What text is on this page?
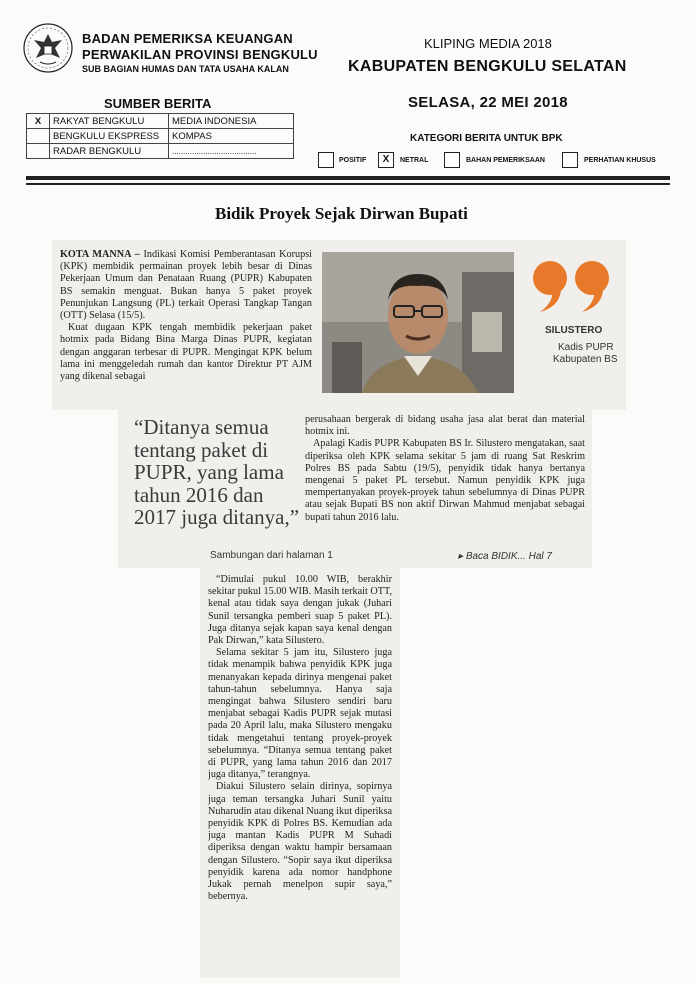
BADAN PEMERIKSA KEUANGAN
PERWAKILAN PROVINSI BENGKULU
SUB BAGIAN HUMAS DAN TATA USAHA KALAN
KLIPING MEDIA 2018
KABUPATEN BENGKULU SELATAN
SELASA, 22 MEI 2018
SUMBER BERITA
X	RAKYAT BENGKULU	MEDIA INDONESIA
	BENGKULU EKSPRESS	KOMPAS
	RADAR BENGKULU	......................................
KATEGORI BERITA UNTUK BPK
POSITIF	X	NETRAL	BAHAN PEMERIKSAAN	PERHATIAN KHUSUS
Bidik Proyek Sejak Dirwan Bupati

KOTA MANNA – Indikasi Komisi Pemberantasan Korupsi (KPK) membidik permainan proyek lebih besar di Dinas Pekerjaan Umum dan Penataan Ruang (PUPR) Kabupaten BS semakin menguat. Bukan hanya 5 paket proyek Penunjukan Langsung (PL) terkait Operasi Tangkap Tangan (OTT) Selasa (15/5).

Kuat dugaan KPK tengah membidik pekerjaan paket hotmix pada Bidang Bina Marga Dinas PUPR, kegiatan dengan anggaran terbesar di PUPR. Mengingat KPK belum lama ini menggeledah rumah dan kantor Direktur PT AJM yang dikenal sebagai

SILUSTERO
Kadis PUPR
Kabupaten BS
“Ditanya semua tentang paket di PUPR, yang lama tahun 2016 dan 2017 juga ditanya,”
Sambungan dari halaman 1

perusahaan bergerak di bidang usaha jasa alat berat dan material hotmix ini.

Apalagi Kadis PUPR Kabupaten BS Ir. Silustero mengatakan, saat diperiksa oleh KPK selama sekitar 5 jam di ruang Sat Reskrim Polres BS pada Sabtu (19/5), penyidik tidak hanya bertanya mengenai 5 paket PL tersebut. Namun penyidik KPK juga mempertanyakan proyek-proyek tahun sebelumnya di Dinas PUPR atau sejak Bupati BS non aktif Dirwan Mahmud menjabat sebagai bupati tahun 2016 lalu.

▸ Baca BIDIK... Hal 7

“Dimulai pukul 10.00 WIB, berakhir sekitar pukul 15.00 WIB. Masih terkait OTT, kenal atau tidak saya dengan jukak (Juhari Sunil tersangka pemberi suap 5 paket PL). Juga ditanya sejak kapan saya kenal dengan Pak Dirwan,” kata Silustero.

Selama sekitar 5 jam itu, Silustero juga tidak menampik bahwa penyidik KPK juga menanyakan kepada dirinya mengenai paket tahun-tahun sebelumnya. Hanya saja mengingat bahwa Silustero sendiri baru menjabat sebagai Kadis PUPR sejak mutasi pada 20 April lalu, maka Silustero mengaku tidak mengetahui tentang proyek-proyek sebelumnya. “Ditanya semua tentang paket di PUPR, yang lama tahun 2016 dan 2017 juga ditanya,” terangnya.

Diakui Silustero selain dirinya, sopirnya juga teman tersangka Juhari Sunil yaitu Nuharudin atau dikenal Nuang ikut diperiksa penyidik KPK di Polres BS. Kemudian ada juga mantan Kadis PUPR M Suhadi diperiksa dengan waktu hampir bersamaan dengan Silustero. “Sopir saya ikut diperiksa penyidik karena ada nomor handphone Jukak pernah menelpon supir saya,” bebernya.
